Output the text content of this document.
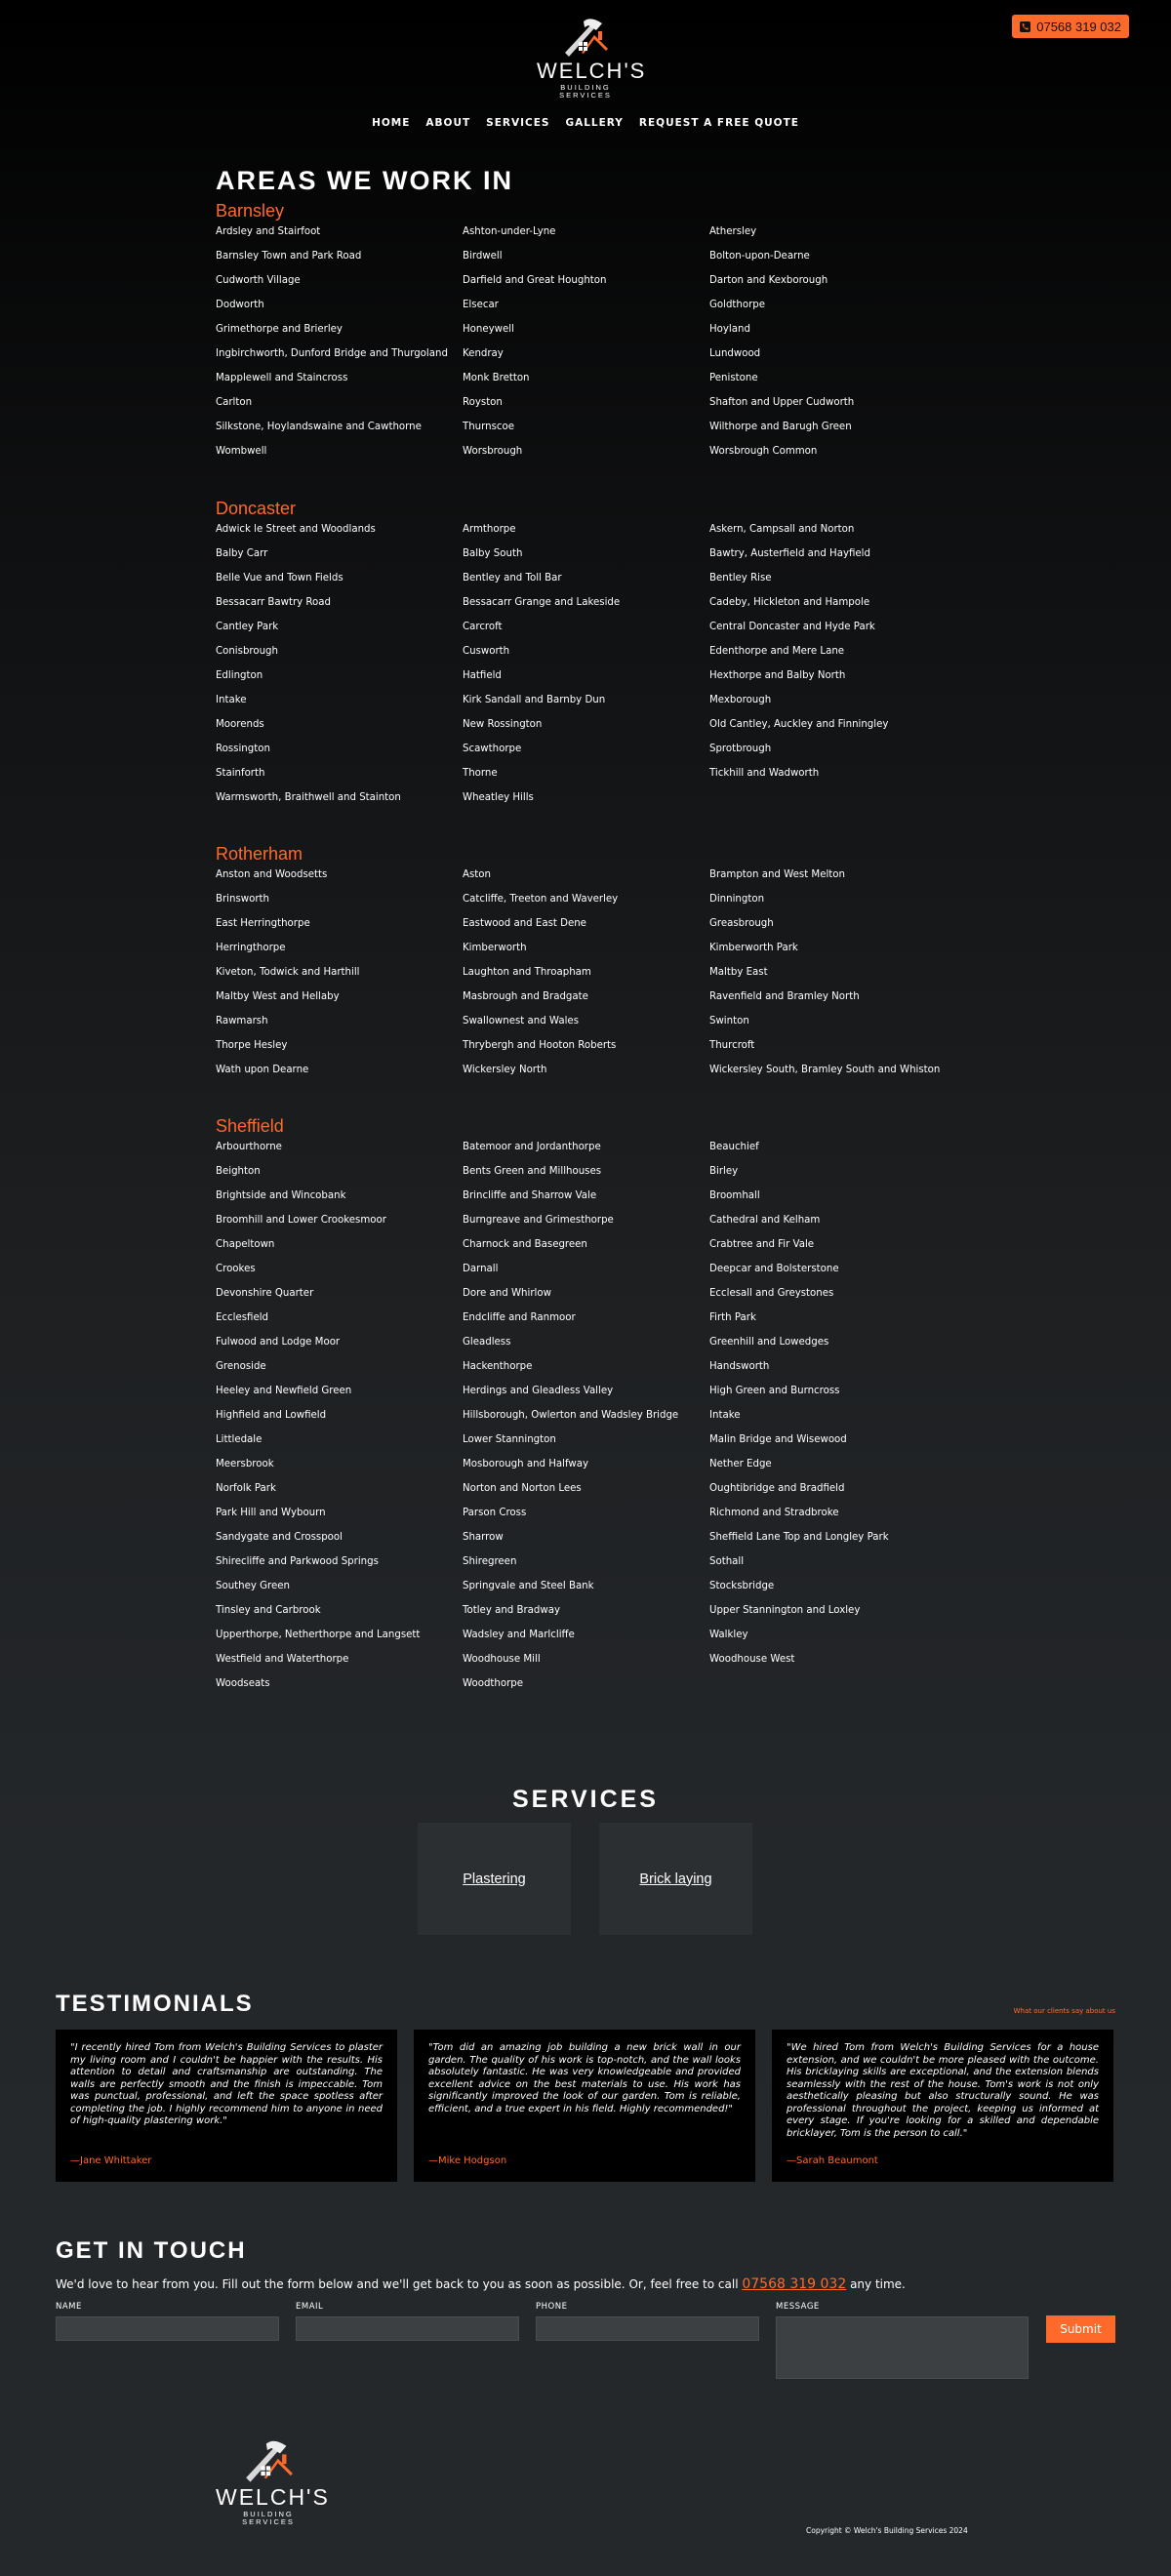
07568 319 032
WELCH'S
BUILDING SERVICES
HOME ABOUT SERVICES GALLERY REQUEST A FREE QUOTE
AREAS WE WORK IN
Barnsley
Ardsley and Stairfoot	Ashton-under-Lyne	Athersley
Barnsley Town and Park Road	Birdwell	Bolton-upon-Dearne
Cudworth Village	Darfield and Great Houghton	Darton and Kexborough
Dodworth	Elsecar	Goldthorpe
Grimethorpe and Brierley	Honeywell	Hoyland
Ingbirchworth, Dunford Bridge and Thurgoland	Kendray	Lundwood
Mapplewell and Staincross	Monk Bretton	Penistone
Carlton	Royston	Shafton and Upper Cudworth
Silkstone, Hoylandswaine and Cawthorne	Thurnscoe	Wilthorpe and Barugh Green
Wombwell	Worsbrough	Worsbrough Common
Doncaster
Adwick le Street and Woodlands	Armthorpe	Askern, Campsall and Norton
Balby Carr	Balby South	Bawtry, Austerfield and Hayfield
Belle Vue and Town Fields	Bentley and Toll Bar	Bentley Rise
Bessacarr Bawtry Road	Bessacarr Grange and Lakeside	Cadeby, Hickleton and Hampole
Cantley Park	Carcroft	Central Doncaster and Hyde Park
Conisbrough	Cusworth	Edenthorpe and Mere Lane
Edlington	Hatfield	Hexthorpe and Balby North
Intake	Kirk Sandall and Barnby Dun	Mexborough
Moorends	New Rossington	Old Cantley, Auckley and Finningley
Rossington	Scawthorpe	Sprotbrough
Stainforth	Thorne	Tickhill and Wadworth
Warmsworth, Braithwell and Stainton	Wheatley Hills
Rotherham
Anston and Woodsetts	Aston	Brampton and West Melton
Brinsworth	Catcliffe, Treeton and Waverley	Dinnington
East Herringthorpe	Eastwood and East Dene	Greasbrough
Herringthorpe	Kimberworth	Kimberworth Park
Kiveton, Todwick and Harthill	Laughton and Throapham	Maltby East
Maltby West and Hellaby	Masbrough and Bradgate	Ravenfield and Bramley North
Rawmarsh	Swallownest and Wales	Swinton
Thorpe Hesley	Thrybergh and Hooton Roberts	Thurcroft
Wath upon Dearne	Wickersley North	Wickersley South, Bramley South and Whiston
Sheffield
Arbourthorne	Batemoor and Jordanthorpe	Beauchief
Beighton	Bents Green and Millhouses	Birley
Brightside and Wincobank	Brincliffe and Sharrow Vale	Broomhall
Broomhill and Lower Crookesmoor	Burngreave and Grimesthorpe	Cathedral and Kelham
Chapeltown	Charnock and Basegreen	Crabtree and Fir Vale
Crookes	Darnall	Deepcar and Bolsterstone
Devonshire Quarter	Dore and Whirlow	Ecclesall and Greystones
Ecclesfield	Endcliffe and Ranmoor	Firth Park
Fulwood and Lodge Moor	Gleadless	Greenhill and Lowedges
Grenoside	Hackenthorpe	Handsworth
Heeley and Newfield Green	Herdings and Gleadless Valley	High Green and Burncross
Highfield and Lowfield	Hillsborough, Owlerton and Wadsley Bridge	Intake
Littledale	Lower Stannington	Malin Bridge and Wisewood
Meersbrook	Mosborough and Halfway	Nether Edge
Norfolk Park	Norton and Norton Lees	Oughtibridge and Bradfield
Park Hill and Wybourn	Parson Cross	Richmond and Stradbroke
Sandygate and Crosspool	Sharrow	Sheffield Lane Top and Longley Park
Shirecliffe and Parkwood Springs	Shiregreen	Sothall
Southey Green	Springvale and Steel Bank	Stocksbridge
Tinsley and Carbrook	Totley and Bradway	Upper Stannington and Loxley
Upperthorpe, Netherthorpe and Langsett	Wadsley and Marlcliffe	Walkley
Westfield and Waterthorpe	Woodhouse Mill	Woodhouse West
Woodseats	Woodthorpe
SERVICES
Plastering	Brick laying
TESTIMONIALS	What our clients say about us

"I recently hired Tom from Welch's Building Services to plaster my living room and I couldn't be happier with the results. His attention to detail and craftsmanship are outstanding. The walls are perfectly smooth and the finish is impeccable. Tom was punctual, professional, and left the space spotless after completing the job. I highly recommend him to anyone in need of high-quality plastering work."

—Jane Whittaker

"Tom did an amazing job building a new brick wall in our garden. The quality of his work is top-notch, and the wall looks absolutely fantastic. He was very knowledgeable and provided excellent advice on the best materials to use. His work has significantly improved the look of our garden. Tom is reliable, efficient, and a true expert in his field. Highly recommended!"

—Mike Hodgson

"We hired Tom from Welch's Building Services for a house extension, and we couldn't be more pleased with the outcome. His bricklaying skills are exceptional, and the extension blends seamlessly with the rest of the house. Tom's work is not only aesthetically pleasing but also structurally sound. He was professional throughout the project, keeping us informed at every stage. If you're looking for a skilled and dependable bricklayer, Tom is the person to call."

—Sarah Beaumont
GET IN TOUCH
We'd love to hear from you. Fill out the form below and we'll get back to you as soon as possible. Or, feel free to call 07568 319 032 any time.
NAME	EMAIL	PHONE	MESSAGE
Submit
WELCH'S
BUILDING SERVICES
Copyright © Welch's Building Services 2024
